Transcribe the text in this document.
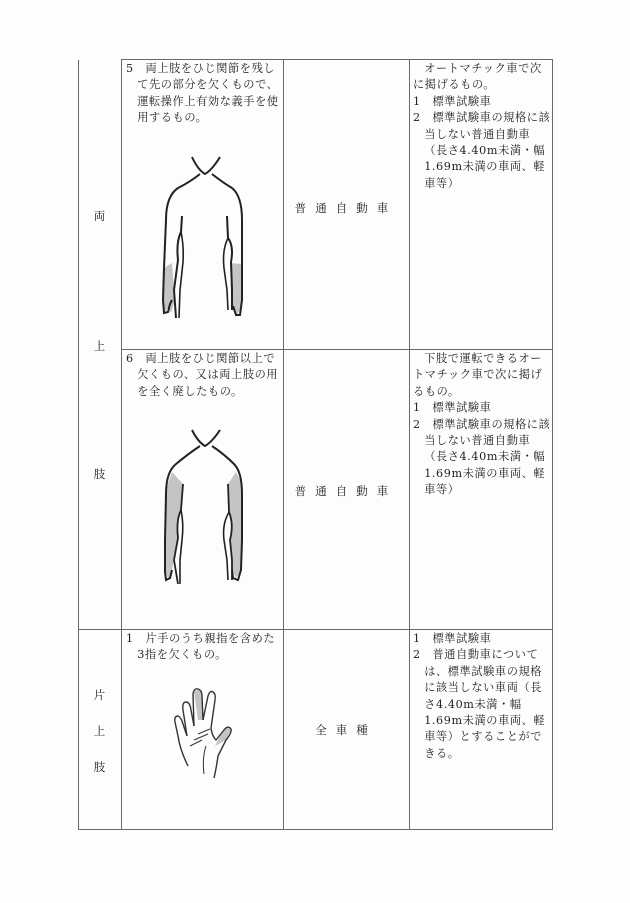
両
上
肢
片
上
肢

5　両上肢をひじ関節を残して先の部分を欠くもので、運転操作上有効な義手を使用するもの。

普通自動車

オートマチック車で次に掲げるもの。

1　標準試験車

2　標準試験車の規格に該当しない普通自動車（長さ4.40m未満・幅1.69m未満の車両、軽車等）

6　両上肢をひじ関節以上で欠くもの、又は両上肢の用を全く廃したもの。

普通自動車

下肢で運転できるオートマチック車で次に掲げるもの。

1　標準試験車

2　標準試験車の規格に該当しない普通自動車（長さ4.40m未満・幅1.69m未満の車両、軽車等）

1　片手のうち親指を含めた3指を欠くもの。

全車種

1　標準試験車

2　普通自動車については、標準試験車の規格に該当しない車両（長さ4.40m未満・幅1.69m未満の車両、軽車等）とすることができる。
